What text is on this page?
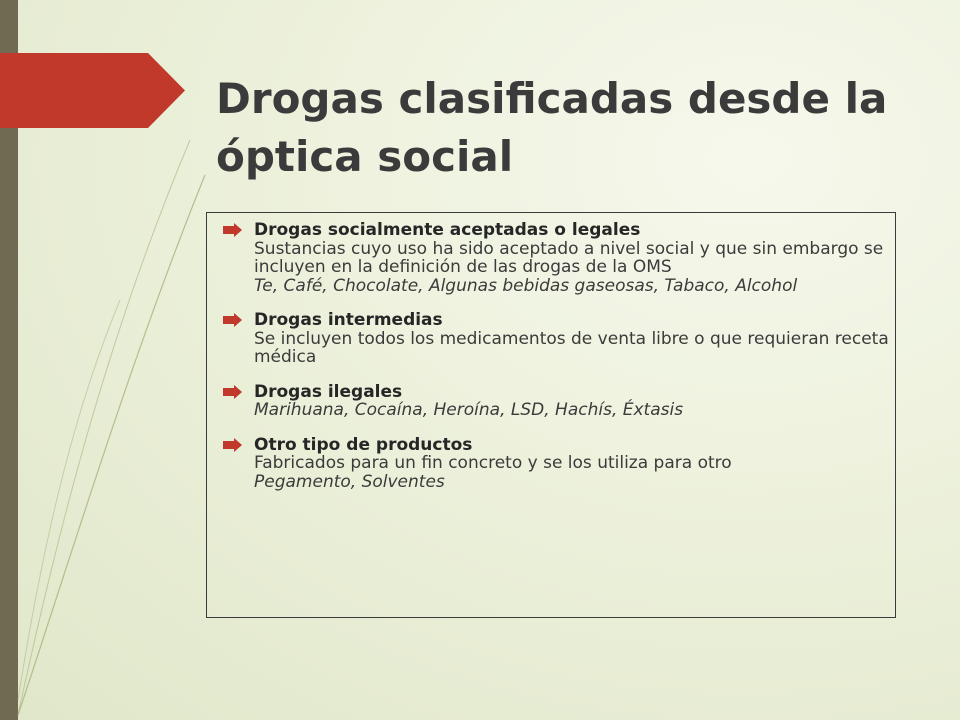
Drogas clasificadas desde la óptica social
Drogas socialmente aceptadas o legales
Sustancias cuyo uso ha sido aceptado a nivel social y que sin embargo se incluyen en la definición de las drogas de la OMS
Te, Café, Chocolate, Algunas bebidas gaseosas, Tabaco, Alcohol
Drogas intermedias
Se incluyen todos los medicamentos de venta libre o que requieran receta médica
Drogas ilegales
Marihuana, Cocaína, Heroína, LSD, Hachís, Éxtasis
Otro tipo de productos
Fabricados para un fin concreto y se los utiliza para otro
Pegamento, Solventes
